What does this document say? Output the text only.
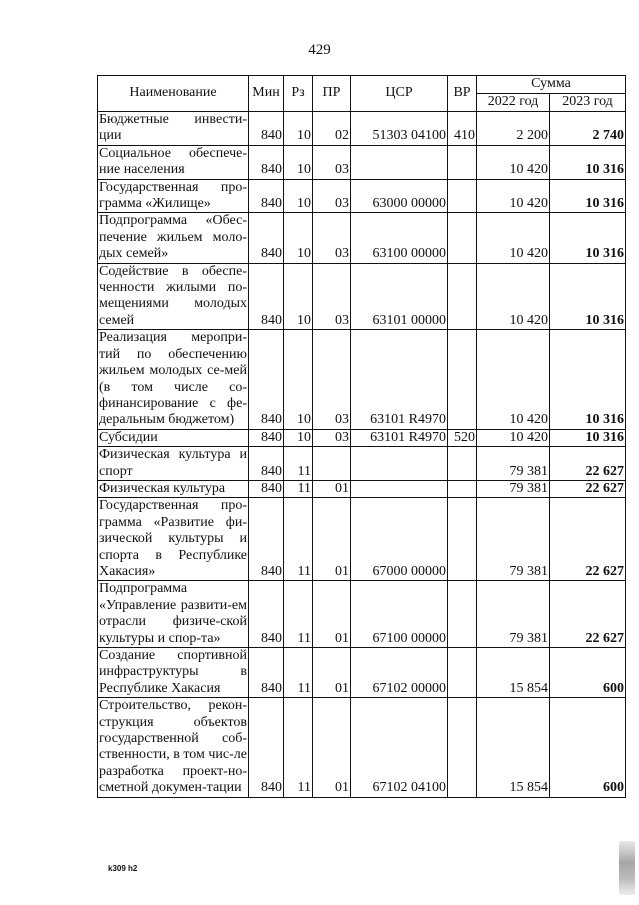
429
Наименование	Мин	Рз	ПР	ЦСР	ВР	Сумма	
						2022 год	2023 год
Бюджетные инвести-ции	840	10	02	51303 04100	410	2 200	2 740
Социальное обеспече-ние населения	840	10	03			10 420	10 316
Государственная про-грамма «Жилище»	840	10	03	63000 00000		10 420	10 316
Подпрограмма «Обес-печение жильем моло-дых семей»	840	10	03	63100 00000		10 420	10 316
Содействие в обеспе-ченности жилыми по-мещениями молодых семей	840	10	03	63101 00000		10 420	10 316
Реализация меропри-тий по обеспечению жильем молодых се-мей (в том числе со-финансирование с фе-деральным бюджетом)	840	10	03	63101 R4970		10 420	10 316
Субсидии	840	10	03	63101 R4970	520	10 420	10 316
Физическая культура и спорт	840	11				79 381	22 627
Физическая культура	840	11	01			79 381	22 627
Государственная про-грамма «Развитие фи-зической культуры и спорта в Республике Хакасия»	840	11	01	67000 00000		79 381	22 627
Подпрограмма «Управление развити-ем отрасли физиче-ской культуры и спор-та»	840	11	01	67100 00000		79 381	22 627
Создание спортивной инфраструктуры в Республике Хакасия	840	11	01	67102 00000		15 854	600
Строительство, рекон-струкция объектов государственной соб-ственности, в том чис-ле разработка проект-но-сметной докумен-тации	840	11	01	67102 04100		15 854	600
k309 h2
